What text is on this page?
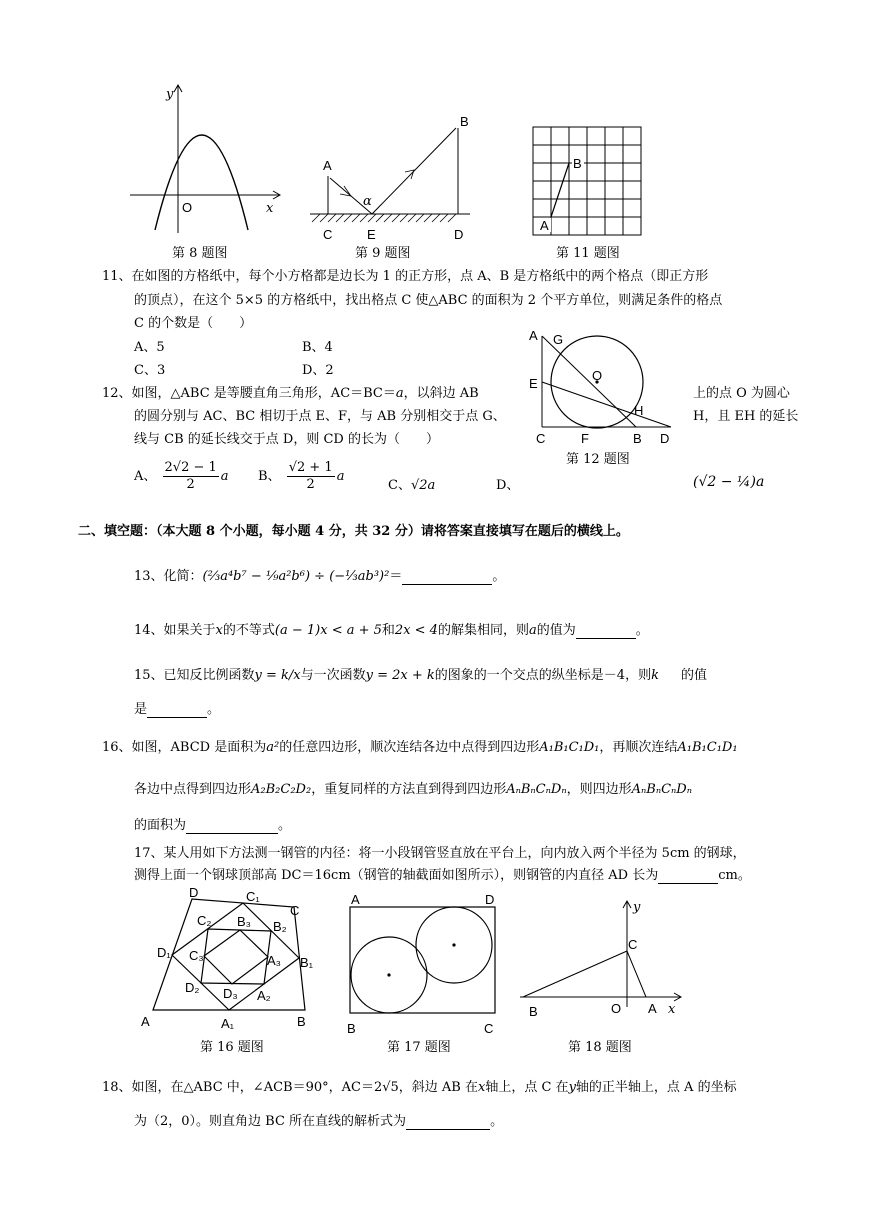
y
O	x
第 8 题图
A
B
α
C	E	D
第 9 题图
B
A
第 11 题图
11、在如图的方格纸中，每个小方格都是边长为 1 的正方形，点 A、B 是方格纸中的两个格点（即正方形
的顶点），在这个 5×5 的方格纸中，找出格点 C 使△ABC 的面积为 2 个平方单位，则满足条件的格点
C 的个数是（　　）
A、5	B、4
C、3	D、2
A G
O
E
H
C	F	B D
第 12 题图
12、如图，△ABC 是等腰直角三角形，AC＝BC＝a，以斜边 AB	上的点 O 为圆心
的圆分别与 AC、BC 相切于点 E、F，与 AB 分别相交于点 G、	H，且 EH 的延长
线与 CB 的延长线交于点 D，则 CD 的长为（　　）
A、 $\frac{2√2 - 1}{2}$ a B、 $\frac{√2 + 1}{2}$ a
C、√2a	D、	(√2 − ¼)a
二、填空题：（本大题 8 个小题，每小题 4 分，共 32 分）请将答案直接填写在题后的横线上。
13、化简：(⅔a⁴b⁷ − ⅑a²b⁶) ÷ (−⅓ab³)²＝	。
14、如果关于x的不等式(a − 1)x < a + 5和2x < 4的解集相同，则a的值为	。
15、已知反比例函数y = k/x与一次函数y = 2x + k的图象的一个交点的纵坐标是－4，则k 的值
是	。
16、如图，ABCD 是面积为a²的任意四边形，顺次连结各边中点得到四边形A₁B₁C₁D₁，再顺次连结A₁B₁C₁D₁
各边中点得到四边形A₂B₂C₂D₂，重复同样的方法直到得到四边形AₙBₙCₙDₙ，则四边形AₙBₙCₙDₙ
的面积为	。
17、某人用如下方法测一钢管的内径：将一小段钢管竖直放在平台上，向内放入两个半径为 5cm 的钢球，
测得上面一个钢球顶部高 DC＝16cm（钢管的轴截面如图所示），则钢管的内直径 AD 长为	cm。
D	C₁
C
C₂ B₃ B₂
D₁ C₃	A₃ B₁
D₂ D₃ A₂
A	A₁	B
第 16 题图
A	D
B	C
第 17 题图
y
C
B	O A x
第 18 题图
18、如图，在△ABC 中，∠ACB＝90°，AC＝2√5，斜边 AB 在x轴上，点 C 在y轴的正半轴上，点 A 的坐标
为（2，0）。则直角边 BC 所在直线的解析式为	。
